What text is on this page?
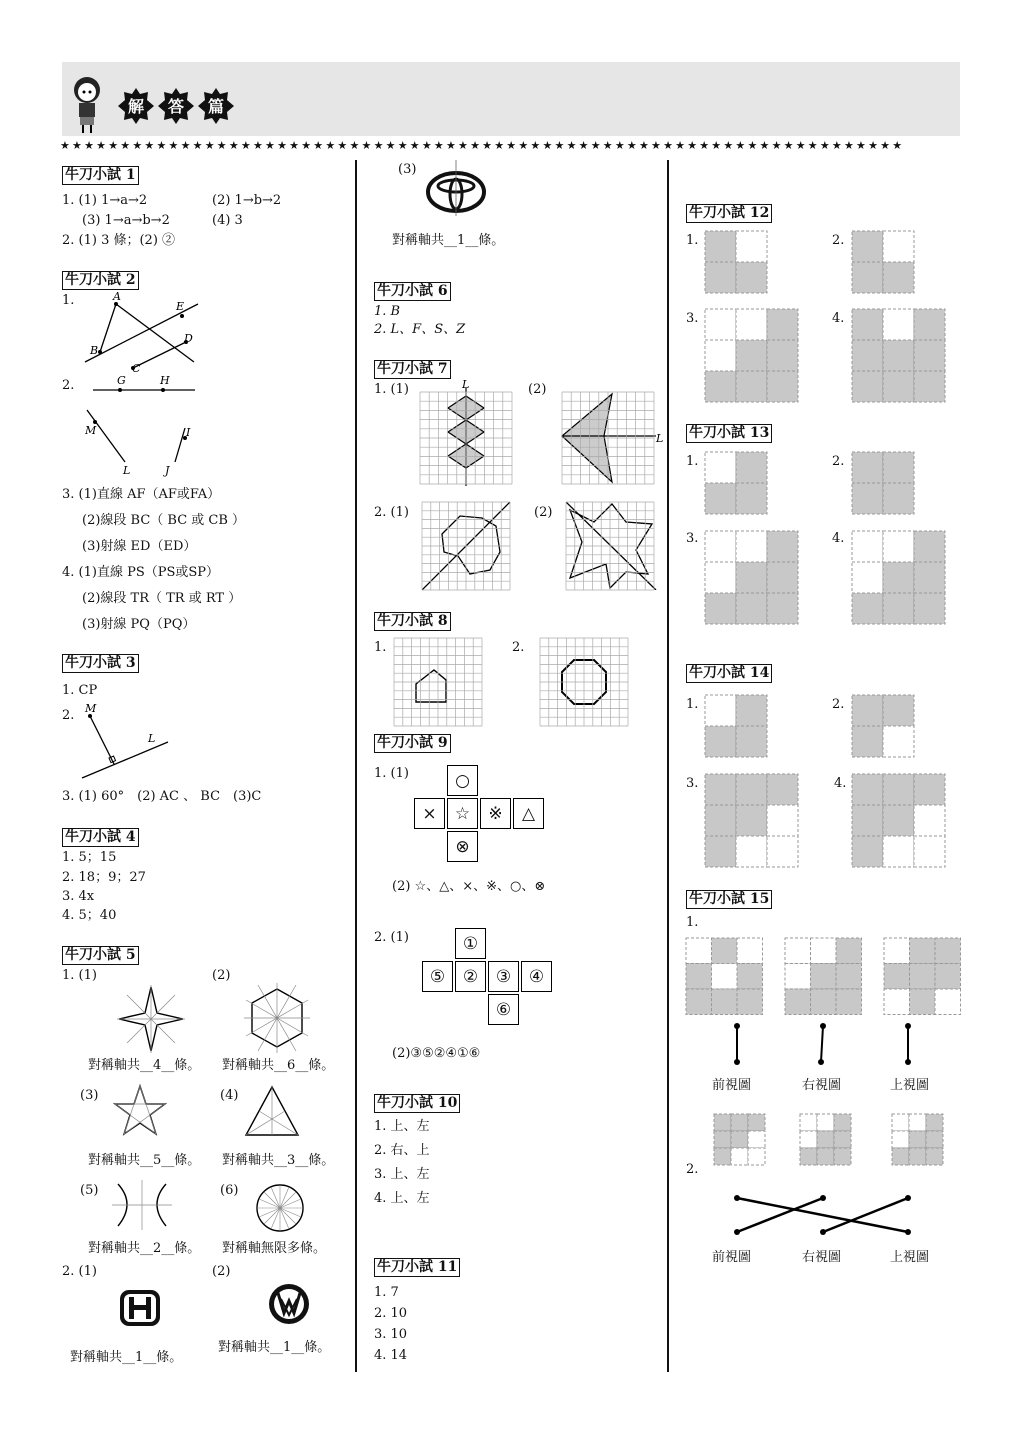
解 答 篇
★★★★★★★★★★★★★★★★★★★★★★★★★★★★★★★★★★★★★★★★★★★★★★★★★★★★★★★★★★★★★★★★★★★★★★
牛刀小試 1
1. (1) 1→a→2	(2) 1→b→2
(3) 1→a→b→2	(4) 3
2. (1) 3 條；(2) ②
牛刀小試 2
1.	A
B
C
D
E
2.	G	H
M
L
I
J
3. (1)直線 AF（AF或FA）
(2)線段 BC（ BC 或 CB ）
(3)射線 ED（ED）
4. (1)直線 PS（PS或SP）
(2)線段 TR（ TR 或 RT ）
(3)射線 PQ（PQ）
牛刀小試 3
1. CP
2. M
L
3. (1) 60°　(2) AC 、 BC　(3)C
牛刀小試 4
1. 5；15
2. 18；9；27
3. 4x
4. 5；40
牛刀小試 5
1. (1)	(2)
對稱軸共__4__條。 對稱軸共__6__條。
(3)	(4)
對稱軸共__5__條。 對稱軸共__3__條。
(5)	(6)
對稱軸共__2__條。 對稱軸無限多條。
2. (1)	(2)
對稱軸共__1__條。
對稱軸共__1__條。
(3)
對稱軸共__1__條。
牛刀小試 6
1. B
2. L、F、S、Z
牛刀小試 7
1. (1)	(2)
L
L
2. (1)	(2)
牛刀小試 8
1.	2.
牛刀小試 9
1. (1)	○
×	☆	※	△
⊗
(2) ☆、△、×、※、○、⊗
2. (1)	①
⑤	②	③	④
⑥
(2)③⑤②④①⑥
牛刀小試 10
1. 上、左
2. 右、上
3. 上、左
4. 上、左
牛刀小試 11
1. 7
2. 10
3. 10
4. 14
牛刀小試 12
1.	2.
3.	4.
牛刀小試 13
1.	2.
3.	4.
牛刀小試 14
1.	2.
3.	4.
牛刀小試 15
1.
前視圖	右視圖	上視圖
2.
前視圖	右視圖	上視圖
